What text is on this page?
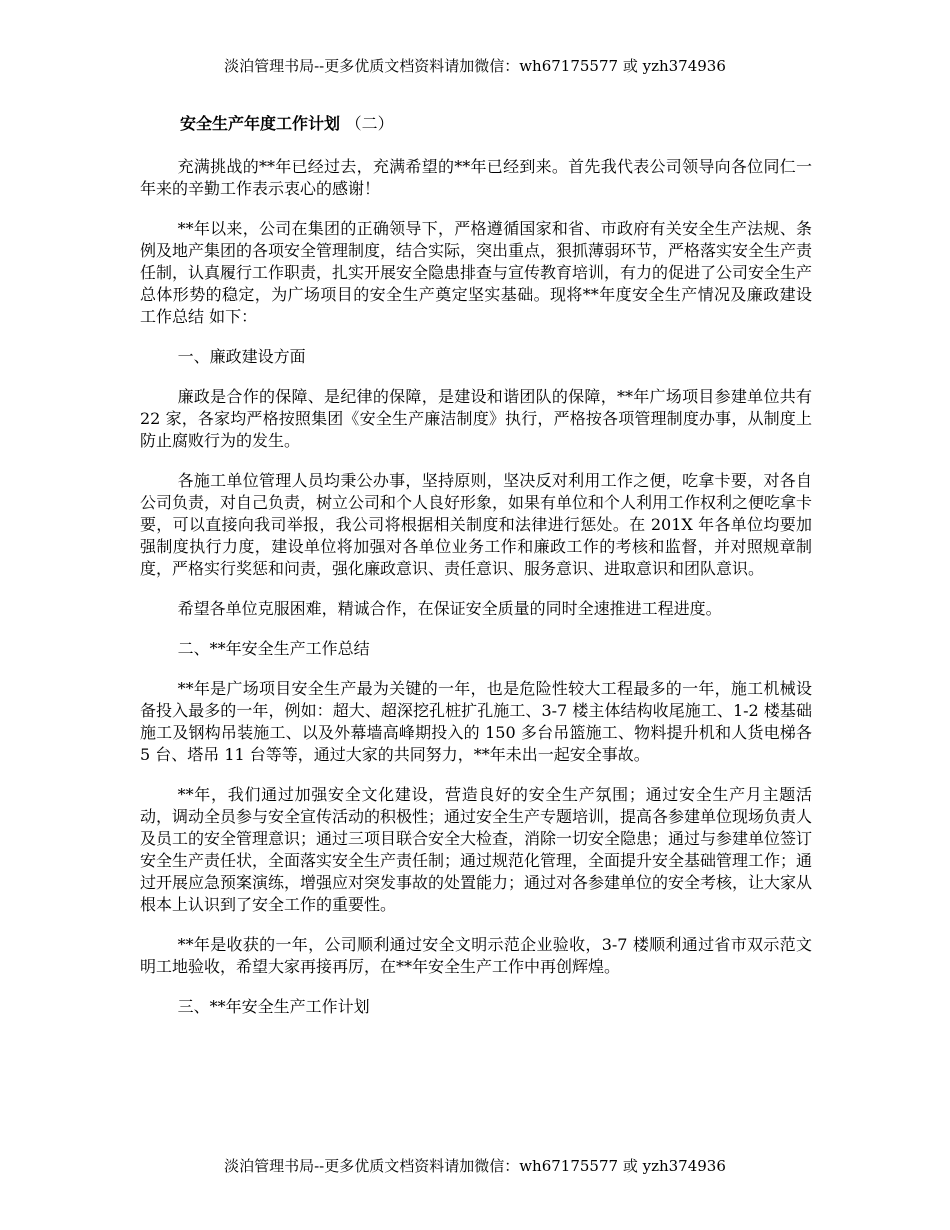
淡泊管理书局--更多优质文档资料请加微信：wh67175577 或 yzh374936
安全生产年度工作计划 （二）

充满挑战的**年已经过去，充满希望的**年已经到来。首先我代表公司领导向各位同仁一年来的辛勤工作表示衷心的感谢！

**年以来，公司在集团的正确领导下，严格遵循国家和省、市政府有关安全生产法规、条例及地产集团的各项安全管理制度，结合实际，突出重点，狠抓薄弱环节，严格落实安全生产责任制，认真履行工作职责，扎实开展安全隐患排查与宣传教育培训，有力的促进了公司安全生产总体形势的稳定，为广场项目的安全生产奠定坚实基础。现将**年度安全生产情况及廉政建设 工作总结 如下：

一、廉政建设方面

廉政是合作的保障、是纪律的保障，是建设和谐团队的保障，**年广场项目参建单位共有 22 家，各家均严格按照集团《安全生产廉洁制度》执行，严格按各项管理制度办事，从制度上防止腐败行为的发生。

各施工单位管理人员均秉公办事，坚持原则，坚决反对利用工作之便，吃拿卡要，对各自公司负责，对自己负责，树立公司和个人良好形象，如果有单位和个人利用工作权利之便吃拿卡要，可以直接向我司举报，我公司将根据相关制度和法律进行惩处。在 201X 年各单位均要加强制度执行力度，建设单位将加强对各单位业务工作和廉政工作的考核和监督，并对照规章制度，严格实行奖惩和问责，强化廉政意识、责任意识、服务意识、进取意识和团队意识。

希望各单位克服困难，精诚合作，在保证安全质量的同时全速推进工程进度。

二、**年安全生产工作总结

**年是广场项目安全生产最为关键的一年，也是危险性较大工程最多的一年，施工机械设备投入最多的一年，例如：超大、超深挖孔桩扩孔施工、3-7 楼主体结构收尾施工、1-2 楼基础施工及钢构吊装施工、以及外幕墙高峰期投入的 150 多台吊篮施工、物料提升机和人货电梯各 5 台、塔吊 11 台等等，通过大家的共同努力，**年未出一起安全事故。

**年，我们通过加强安全文化建设，营造良好的安全生产氛围；通过安全生产月主题活动，调动全员参与安全宣传活动的积极性；通过安全生产专题培训，提高各参建单位现场负责人及员工的安全管理意识；通过三项目联合安全大检查，消除一切安全隐患；通过与参建单位签订安全生产责任状，全面落实安全生产责任制；通过规范化管理，全面提升安全基础管理工作；通过开展应急预案演练，增强应对突发事故的处置能力；通过对各参建单位的安全考核，让大家从根本上认识到了安全工作的重要性。

**年是收获的一年，公司顺利通过安全文明示范企业验收，3-7 楼顺利通过省市双示范文明工地验收，希望大家再接再厉，在**年安全生产工作中再创辉煌。

三、**年安全生产工作计划

淡泊管理书局--更多优质文档资料请加微信：wh67175577 或 yzh374936
